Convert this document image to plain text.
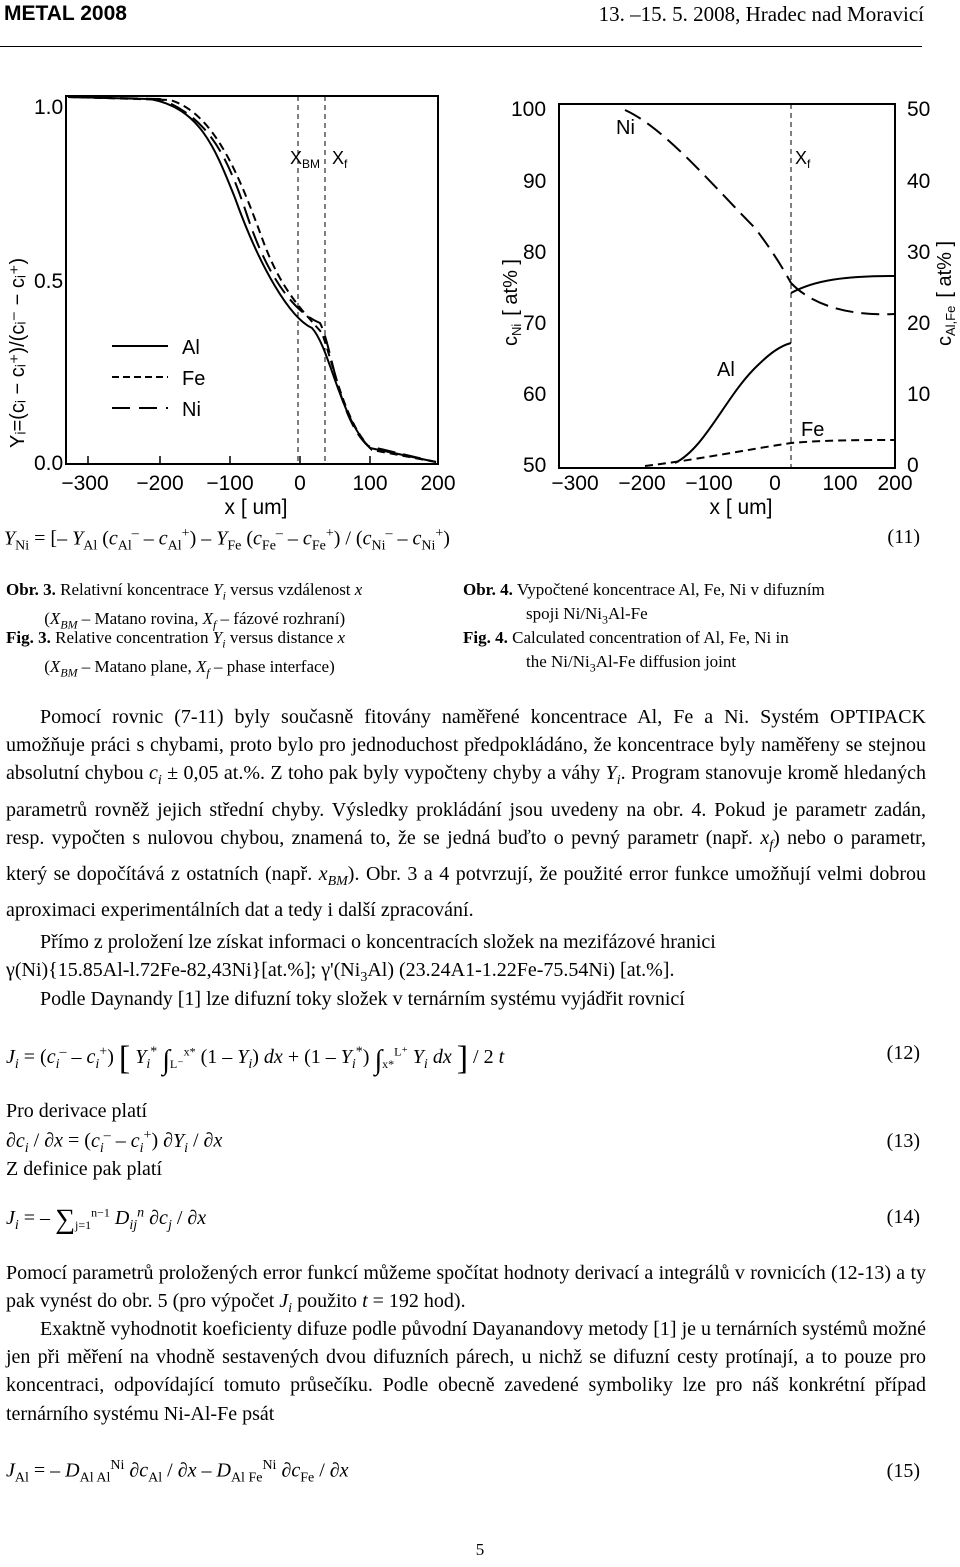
METAL 2008	13. –15. 5. 2008, Hradec nad Moravicí
−300 −200 −100 0 100 200
x [ um]
1.0
0.5
0.0
Yᵢ=(cᵢ − cᵢ⁺)/(cᵢ⁻ − cᵢ⁺)
$X_{BM}$ $X_f$
Al
Fe
Ni
100
90
80
70
60
50
50
40
30
20
10
0
−300 −200 −100 0 100 200
x [ um]
$c_{Ni}$[ at% ]
$c_{Al,Fe}$[ at% ]
$X_f$
Ni
Al
Fe
$Y_{Ni}$ = [– $Y_{Al}$ $(c_{Al}^- - c_{Al}^+) - Y_{Fe}$ $(c_{Fe}^- - c_{Fe}^+) / (c_{Ni}^- - c_{Ni}^+)$	(11)
Obr. 3. Relativní koncentrace $Y_i$ versus vzdálenost x
($X_{BM}$ – Matano rovina, $X_f$ – fázové rozhraní)
Fig. 3. Relative concentration $Y_i$ versus distance x
($X_{BM}$ – Matano plane, $X_f$ – phase interface)
Obr. 4. Vypočtené koncentrace Al, Fe, Ni v difuzním
spoji $Ni/Ni_3Al-Fe$
Fig. 4. Calculated concentration of Al, Fe, Ni in
the $Ni/Ni_3Al-Fe$ diffusion joint

Pomocí rovnic (7-11) byly současně fitovány naměřené koncentrace Al, Fe a Ni. Systém OPTIPACK umožňuje práci s chybami, proto bylo pro jednoduchost předpokládáno, že koncentrace byly naměřeny se stejnou absolutní chybou $c_i \pm 0,05$ at.%. Z toho pak byly vypočteny chyby a váhy $Y_i$. Program stanovuje kromě hledaných parametrů rovněž jejich střední chyby. Výsledky prokládání jsou uvedeny na obr. 4. Pokud je parametr zadán, resp. vypočten s nulovou chybou, znamená to, že se jedná buďto o pevný parametr (např. $x_f$) nebo o parametr, který se dopočítává z ostatních (např. $x_{BM}$). Obr. 3 a 4 potvrzují, že použité error funkce umožňují velmi dobrou aproximaci experimentálních dat a tedy i další zpracování.

Přímo z proložení lze získat informaci o koncentracích složek na mezifázové hranici

γ(Ni){15.85Al-l.72Fe-82,43Ni}[at.%]; $\gamma'(Ni_3Al)$ (23.24A1-1.22Fe-75.54Ni) [at.%].

Podle Daynandy [1] lze difuzní toky složek v ternárním systému vyjádřit rovnicí

$J_i = (c_i^- - c_i^+)$ [ $Y_i^*$ $\int_{L^-}^{x*}$ $(1 - Y_i)$ dx + $(1 - Y_i^*)$ $\int_{x*}^{L^+}$ $Y_i$ dx ] / 2 t	(12)
Pro derivace platí
$\partial c_i / \partial x = (c_i^- - c_i^+)$ $\partial Y_i / \partial x$	(13)
Z definice pak platí
$J_i$ = – $\sum_{j=1}^{n-1}$ $D_{ij}^n$ $\partial c_j / \partial x$	(14)

Pomocí parametrů proložených error funkcí můžeme spočítat hodnoty derivací a integrálů v rovnicích (12-13) a ty pak vynést do obr. 5 (pro výpočet $J_i$ použito t = 192 hod).

Exaktně vyhodnotit koeficienty difuze podle původní Dayanandovy metody [1] je u ternárních systémů možné jen při měření na vhodně sestavených dvou difuzních párech, u nichž se difuzní cesty protínají, a to pouze pro koncentraci, odpovídající tomuto průsečíku. Podle obecně zavedené symboliky lze pro náš konkrétní případ ternárního systému Ni-Al-Fe psát

$J_{Al}$ = – $D_{Al Al}^{Ni}$ $\partial c_{Al} / \partial x - D_{Al Fe}^{Ni}$ $\partial c_{Fe} / \partial x$	(15)
5
